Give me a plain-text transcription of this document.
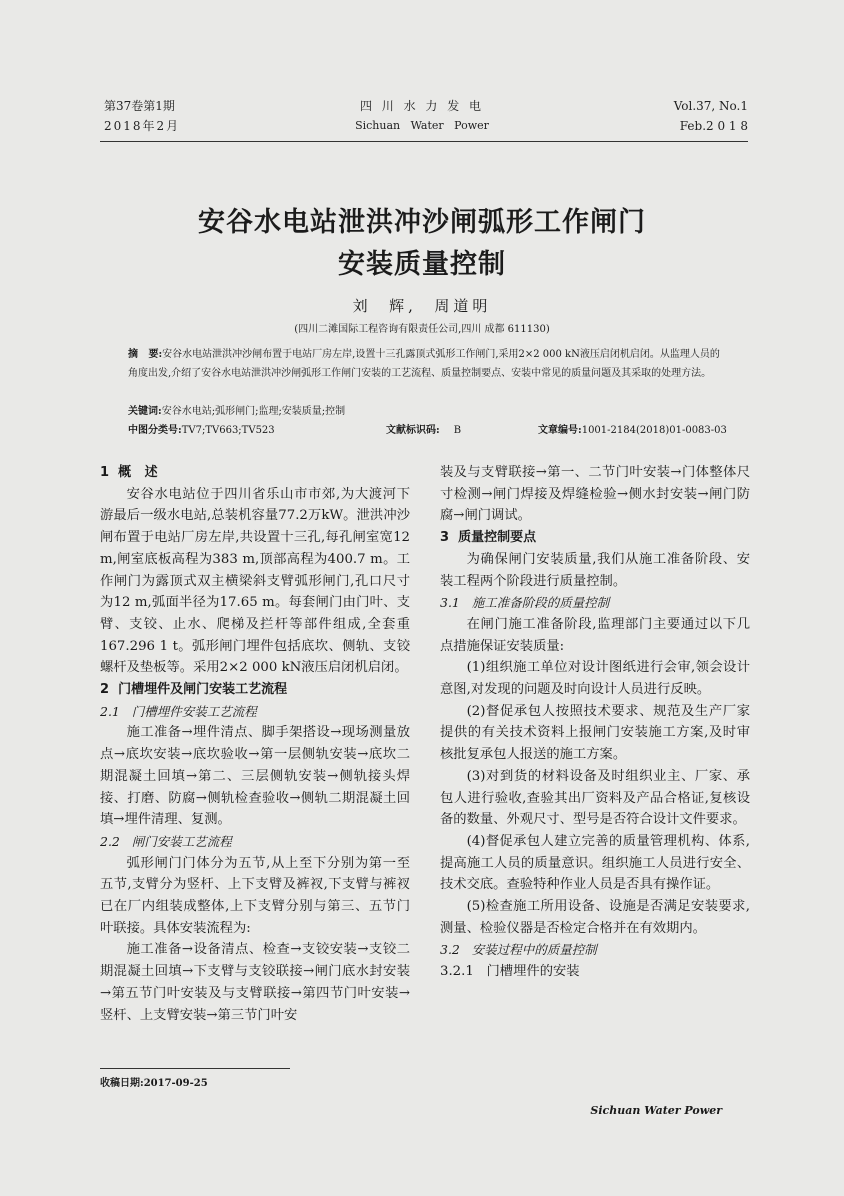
第37卷第1期
2018年2月
四 川 水 力 发 电
Sichuan   Water   Power
Vol.37, No.1
Feb.2 0 1 8
安谷水电站泄洪冲沙闸弧形工作闸门
安装质量控制
刘  辉,  周道明
(四川二滩国际工程咨询有限责任公司,四川 成都 611130)
摘   要:安谷水电站泄洪冲沙闸布置于电站厂房左岸,设置十三孔露顶式弧形工作闸门,采用2×2 000 kN液压启闭机启闭。从监理人员的角度出发,介绍了安谷水电站泄洪冲沙闸弧形工作闸门安装的工艺流程、质量控制要点、安装中常见的质量问题及其采取的处理方法。
关键词:安谷水电站;弧形闸门;监理;安装质量;控制
中图分类号:TV7;TV663;TV523	文献标识码: B	文章编号:1001-2184(2018)01-0083-03

1  概   述

安谷水电站位于四川省乐山市市郊,为大渡河下游最后一级水电站,总装机容量77.2万kW。泄洪冲沙闸布置于电站厂房左岸,共设置十三孔,每孔闸室宽12 m,闸室底板高程为383 m,顶部高程为400.7 m。工作闸门为露顶式双主横梁斜支臂弧形闸门,孔口尺寸为12 m,弧面半径为17.65 m。每套闸门由门叶、支臂、支铰、止水、爬梯及拦杆等部件组成,全套重167.296 1 t。弧形闸门埋件包括底坎、侧轨、支铰螺杆及垫板等。采用2×2 000 kN液压启闭机启闭。

2  门槽埋件及闸门安装工艺流程

2.1   门槽埋件安装工艺流程

施工准备→埋件清点、脚手架搭设→现场测量放点→底坎安装→底坎验收→第一层侧轨安装→底坎二期混凝土回填→第二、三层侧轨安装→侧轨接头焊接、打磨、防腐→侧轨检查验收→侧轨二期混凝土回填→埋件清理、复测。

2.2   闸门安装工艺流程

弧形闸门门体分为五节,从上至下分别为第一至五节,支臂分为竖杆、上下支臂及裤衩,下支臂与裤衩已在厂内组装成整体,上下支臂分别与第三、五节门叶联接。具体安装流程为:

施工准备→设备清点、检查→支铰安装→支铰二期混凝土回填→下支臂与支铰联接→闸门底水封安装→第五节门叶安装及与支臂联接→第四节门叶安装→竖杆、上支臂安装→第三节门叶安

收稿日期:2017-09-25

装及与支臂联接→第一、二节门叶安装→门体整体尺寸检测→闸门焊接及焊缝检验→侧水封安装→闸门防腐→闸门调试。

3  质量控制要点

为确保闸门安装质量,我们从施工准备阶段、安装工程两个阶段进行质量控制。

3.1   施工准备阶段的质量控制

在闸门施工准备阶段,监理部门主要通过以下几点措施保证安装质量:

(1)组织施工单位对设计图纸进行会审,领会设计意图,对发现的问题及时向设计人员进行反映。

(2)督促承包人按照技术要求、规范及生产厂家提供的有关技术资料上报闸门安装施工方案,及时审核批复承包人报送的施工方案。

(3)对到货的材料设备及时组织业主、厂家、承包人进行验收,查验其出厂资料及产品合格证,复核设备的数量、外观尺寸、型号是否符合设计文件要求。

(4)督促承包人建立完善的质量管理机构、体系,提高施工人员的质量意识。组织施工人员进行安全、技术交底。查验特种作业人员是否具有操作证。

(5)检查施工所用设备、设施是否满足安装要求,测量、检验仪器是否检定合格并在有效期内。

3.2   安装过程中的质量控制

3.2.1   门槽埋件的安装

Sichuan Water Power
